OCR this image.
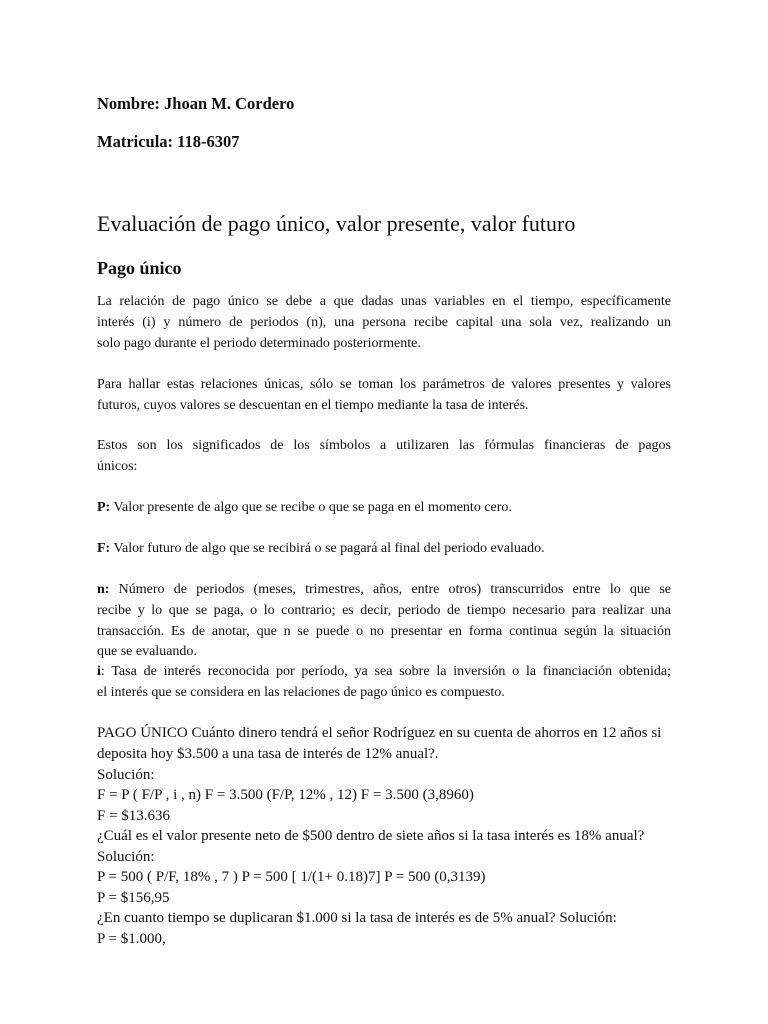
Nombre: Jhoan M. Cordero
Matricula: 118-6307
Evaluación de pago único, valor presente, valor futuro
Pago único
La relación de pago único se debe a que dadas unas variables en el tiempo, específicamente
interés (i) y número de periodos (n), una persona recibe capital una sola vez, realizando un
solo pago durante el periodo determinado posteriormente.
Para hallar estas relaciones únicas, sólo se toman los parámetros de valores presentes y valores
futuros, cuyos valores se descuentan en el tiempo mediante la tasa de interés.
Estos son los significados de los símbolos a utilizaren las fórmulas financieras de pagos
únicos:
P: Valor presente de algo que se recibe o que se paga en el momento cero.
F: Valor futuro de algo que se recibirá o se pagará al final del periodo evaluado.
n: Número de periodos (meses, trimestres, años, entre otros) transcurridos entre lo que se
recibe y lo que se paga, o lo contrario; es decir, periodo de tiempo necesario para realizar una
transacción. Es de anotar, que n se puede o no presentar en forma continua según la situación
que se evaluando.
i: Tasa de interés reconocida por período, ya sea sobre la inversión o la financiación obtenida;
el interés que se considera en las relaciones de pago único es compuesto.
PAGO ÚNICO Cuánto dinero tendrá el señor Rodríguez en su cuenta de ahorros en 12 años si
deposita hoy $3.500 a una tasa de interés de 12% anual?.
Solución:
F = P ( F/P , i , n) F = 3.500 (F/P, 12% , 12) F = 3.500 (3,8960)
F = $13.636
¿Cuál es el valor presente neto de $500 dentro de siete años si la tasa interés es 18% anual?
Solución:
P = 500 ( P/F, 18% , 7 ) P = 500 [ 1/(1+ 0.18)7] P = 500 (0,3139)
P = $156,95
¿En cuanto tiempo se duplicaran $1.000 si la tasa de interés es de 5% anual? Solución:
P = $1.000,
